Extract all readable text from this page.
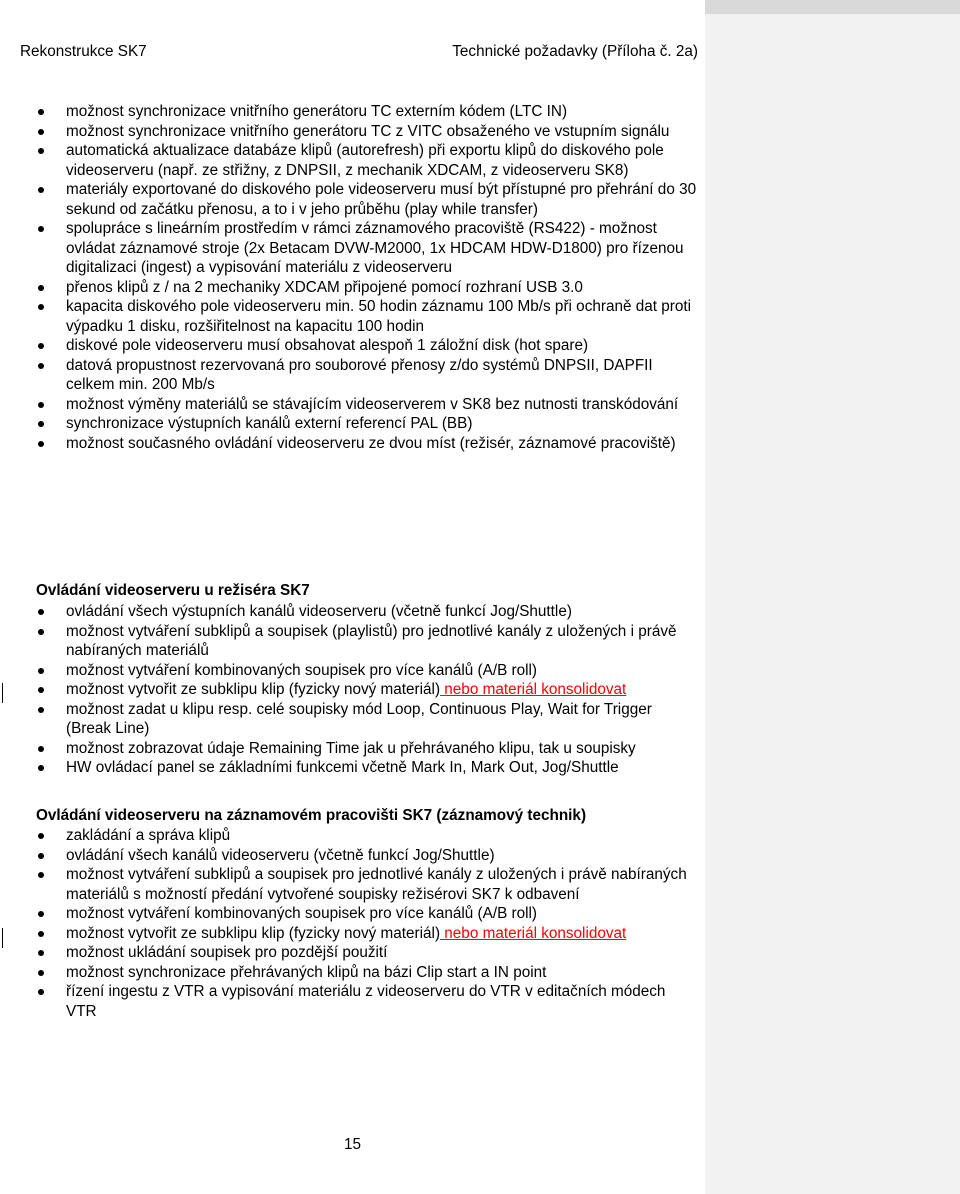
Rekonstrukce SK7	Technické požadavky (Příloha č. 2a)
možnost synchronizace vnitřního generátoru TC externím kódem (LTC IN)
možnost synchronizace vnitřního generátoru TC z VITC obsaženého ve vstupním signálu
automatická aktualizace databáze klipů (autorefresh) při exportu klipů do diskového pole videoserveru (např. ze střižny, z DNPSII, z mechanik XDCAM, z videoserveru SK8)
materiály exportované do diskového pole videoserveru musí být přístupné pro přehrání do 30 sekund od začátku přenosu, a to i v jeho průběhu (play while transfer)
spolupráce s lineárním prostředím v rámci záznamového pracoviště (RS422) - možnost ovládat záznamové stroje (2x Betacam DVW-M2000, 1x HDCAM HDW-D1800) pro řízenou digitalizaci (ingest) a vypisování materiálu z videoserveru
přenos klipů z / na 2 mechaniky XDCAM připojené pomocí rozhraní USB 3.0
kapacita diskového pole videoserveru min. 50 hodin záznamu 100 Mb/s při ochraně dat proti výpadku 1 disku, rozšiřitelnost na kapacitu 100 hodin
diskové pole videoserveru musí obsahovat alespoň 1 záložní disk (hot spare)
datová propustnost rezervovaná pro souborové přenosy z/do systémů DNPSII, DAPFII celkem min. 200 Mb/s
možnost výměny materiálů se stávajícím videoserverem v SK8 bez nutnosti transkódování
synchronizace výstupních kanálů externí referencí PAL (BB)
možnost současného ovládání videoserveru ze dvou míst (režisér, záznamové pracoviště)
Ovládání videoserveru u režiséra SK7
ovládání všech výstupních kanálů videoserveru (včetně funkcí Jog/Shuttle)
možnost vytváření subklipů a soupisek (playlistů) pro jednotlivé kanály z uložených i právě nabíraných materiálů
možnost vytváření kombinovaných soupisek pro více kanálů (A/B roll)
možnost vytvořit ze subklipu klip (fyzicky nový materiál) nebo materiál konsolidovat
možnost zadat u klipu resp. celé soupisky mód Loop, Continuous Play, Wait for Trigger (Break Line)
možnost zobrazovat údaje Remaining Time jak u přehrávaného klipu, tak u soupisky
HW ovládací panel se základními funkcemi včetně Mark In, Mark Out, Jog/Shuttle
Ovládání videoserveru na záznamovém pracovišti SK7 (záznamový technik)
zakládání a správa klipů
ovládání všech kanálů videoserveru (včetně funkcí Jog/Shuttle)
možnost vytváření subklipů a soupisek pro jednotlivé kanály z uložených i právě nabíraných materiálů s možností předání vytvořené soupisky režisérovi SK7 k odbavení
možnost vytváření kombinovaných soupisek pro více kanálů (A/B roll)
možnost vytvořit ze subklipu klip (fyzicky nový materiál) nebo materiál konsolidovat
možnost ukládání soupisek pro pozdější použití
možnost synchronizace přehrávaných klipů na bázi Clip start a IN point
řízení ingestu z VTR a vypisování materiálu z videoserveru do VTR v editačních módech VTR
15
